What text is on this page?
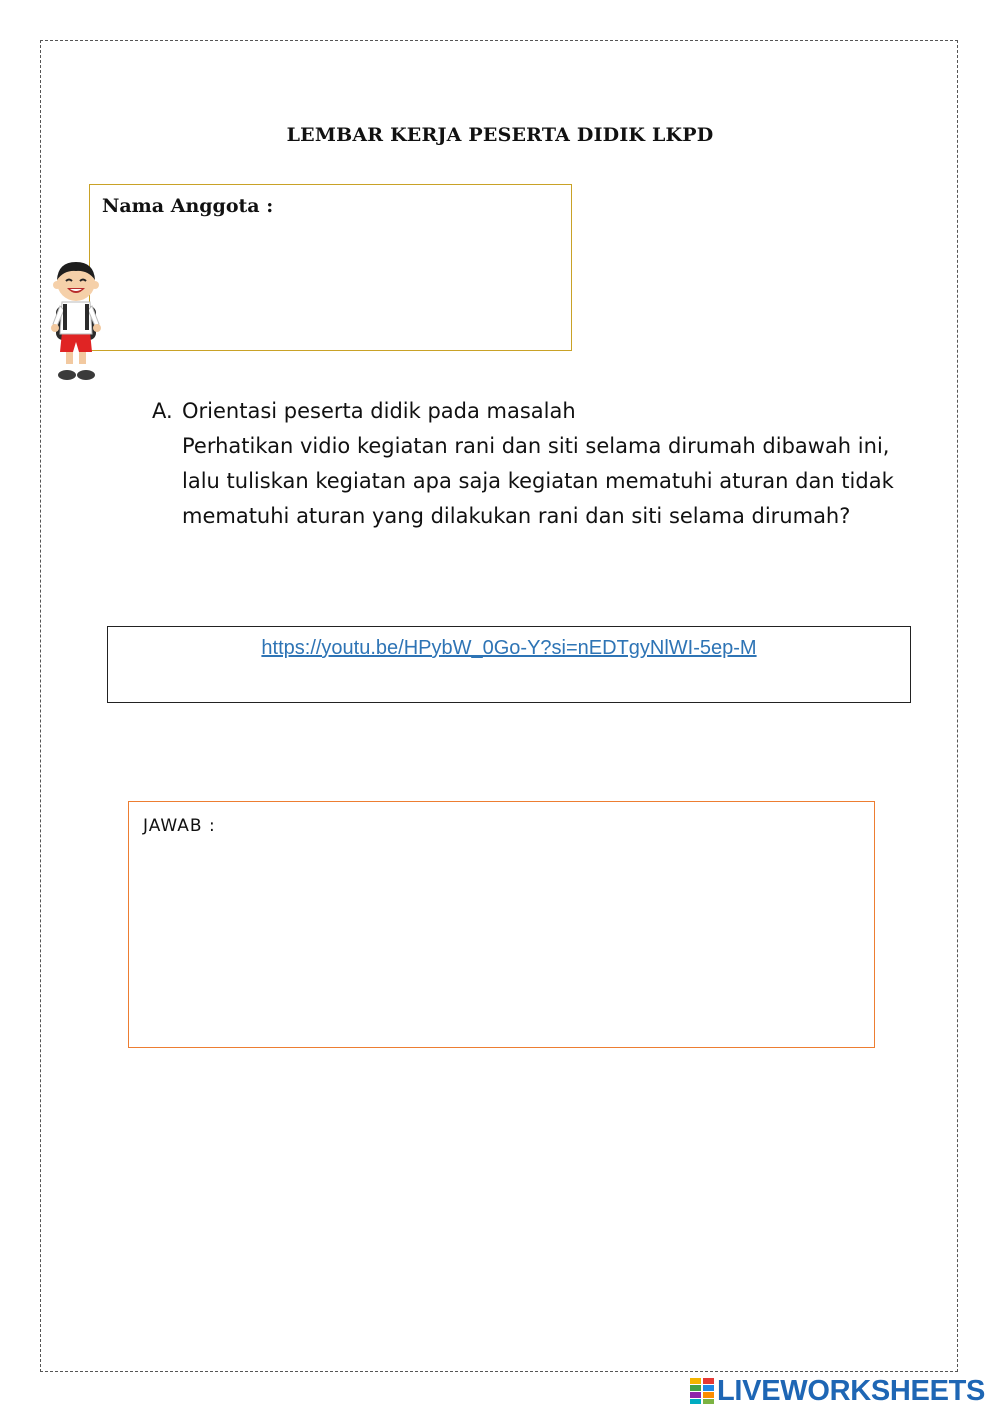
LEMBAR KERJA PESERTA DIDIK LKPD
Nama Anggota :
A. Orientasi peserta didik pada masalah
Perhatikan vidio kegiatan rani dan siti selama dirumah dibawah ini,
lalu tuliskan kegiatan apa saja kegiatan mematuhi aturan dan tidak
mematuhi aturan yang dilakukan rani dan siti selama dirumah?
https://youtu.be/HPybW_0Go-Y?si=nEDTgyNlWI-5ep-M
JAWAB :
LIVEWORKSHEETS
